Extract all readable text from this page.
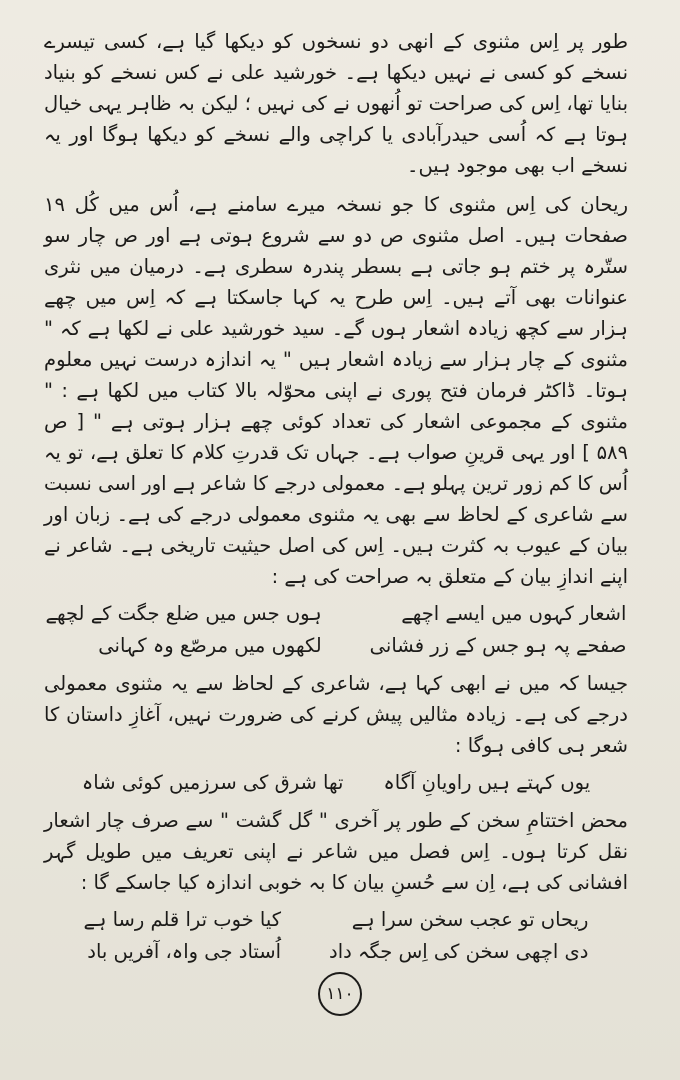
طور پر اِس مثنوی کے انھی دو نسخوں کو دیکھا گیا ہے، کسی تیسرے نسخے کو کسی نے نہیں دیکھا ہے۔ خورشید علی نے کس نسخے کو بنیاد بنایا تھا، اِس کی صراحت تو اُنھوں نے کی نہیں ؛ لیکن بہ ظاہر یہی خیال ہوتا ہے کہ اُسی حیدرآبادی یا کراچی والے نسخے کو دیکھا ہوگا اور یہ نسخے اب بھی موجود ہیں۔

ریحان کی اِس مثنوی کا جو نسخہ میرے سامنے ہے، اُس میں کُل ۱۹ صفحات ہیں۔ اصل مثنوی ص دو سے شروع ہوتی ہے اور ص چار سو ستّرہ پر ختم ہو جاتی ہے بسطر پندرہ سطری ہے۔ درمیان میں نثری عنوانات بھی آتے ہیں۔ اِس طرح یہ کہا جاسکتا ہے کہ اِس میں چھے ہزار سے کچھ زیادہ اشعار ہوں گے۔ سید خورشید علی نے لکھا ہے کہ " مثنوی کے چار ہزار سے زیادہ اشعار ہیں " یہ اندازہ درست نہیں معلوم ہوتا۔ ڈاکٹر فرمان فتح پوری نے اپنی محوّلہ بالا کتاب میں لکھا ہے : " مثنوی کے مجموعی اشعار کی تعداد کوئی چھے ہزار ہوتی ہے " [ ص ۵۸۹ ] اور یہی قرینِ صواب ہے۔ جہاں تک قدرتِ کلام کا تعلق ہے، تو یہ اُس کا کم زور ترین پہلو ہے۔ معمولی درجے کا شاعر ہے اور اسی نسبت سے شاعری کے لحاظ سے بھی یہ مثنوی معمولی درجے کی ہے۔ زبان اور بیان کے عیوب بہ کثرت ہیں۔ اِس کی اصل حیثیت تاریخی ہے۔ شاعر نے اپنے اندازِ بیان کے متعلق بہ صراحت کی ہے :

اشعار کہوں میں ایسے اچھے
صفحے پہ ہو جس کے زر فشانی
ہوں جس میں ضلع جگت کے لچھے
لکھوں میں مرصّع وہ کہانی

جیسا کہ میں نے ابھی کہا ہے، شاعری کے لحاظ سے یہ مثنوی معمولی درجے کی ہے۔ زیادہ مثالیں پیش کرنے کی ضرورت نہیں، آغازِ داستان کا شعر ہی کافی ہوگا :

یوں کہتے ہیں راویانِ آگاہ
تھا شرق کی سرزمیں کوئی شاہ

محض اختتامِ سخن کے طور پر آخری " گل گشت " سے صرف چار اشعار نقل کرتا ہوں۔ اِس فصل میں شاعر نے اپنی تعریف میں طویل گہر افشانی کی ہے، اِن سے حُسنِ بیان کا بہ خوبی اندازہ کیا جاسکے گا :

ریحاں تو عجب سخن سرا ہے
دی اچھی سخن کی اِس جگہ داد
کیا خوب ترا قلم رسا ہے
اُستاد جی واہ، آفریں باد
١١٠
